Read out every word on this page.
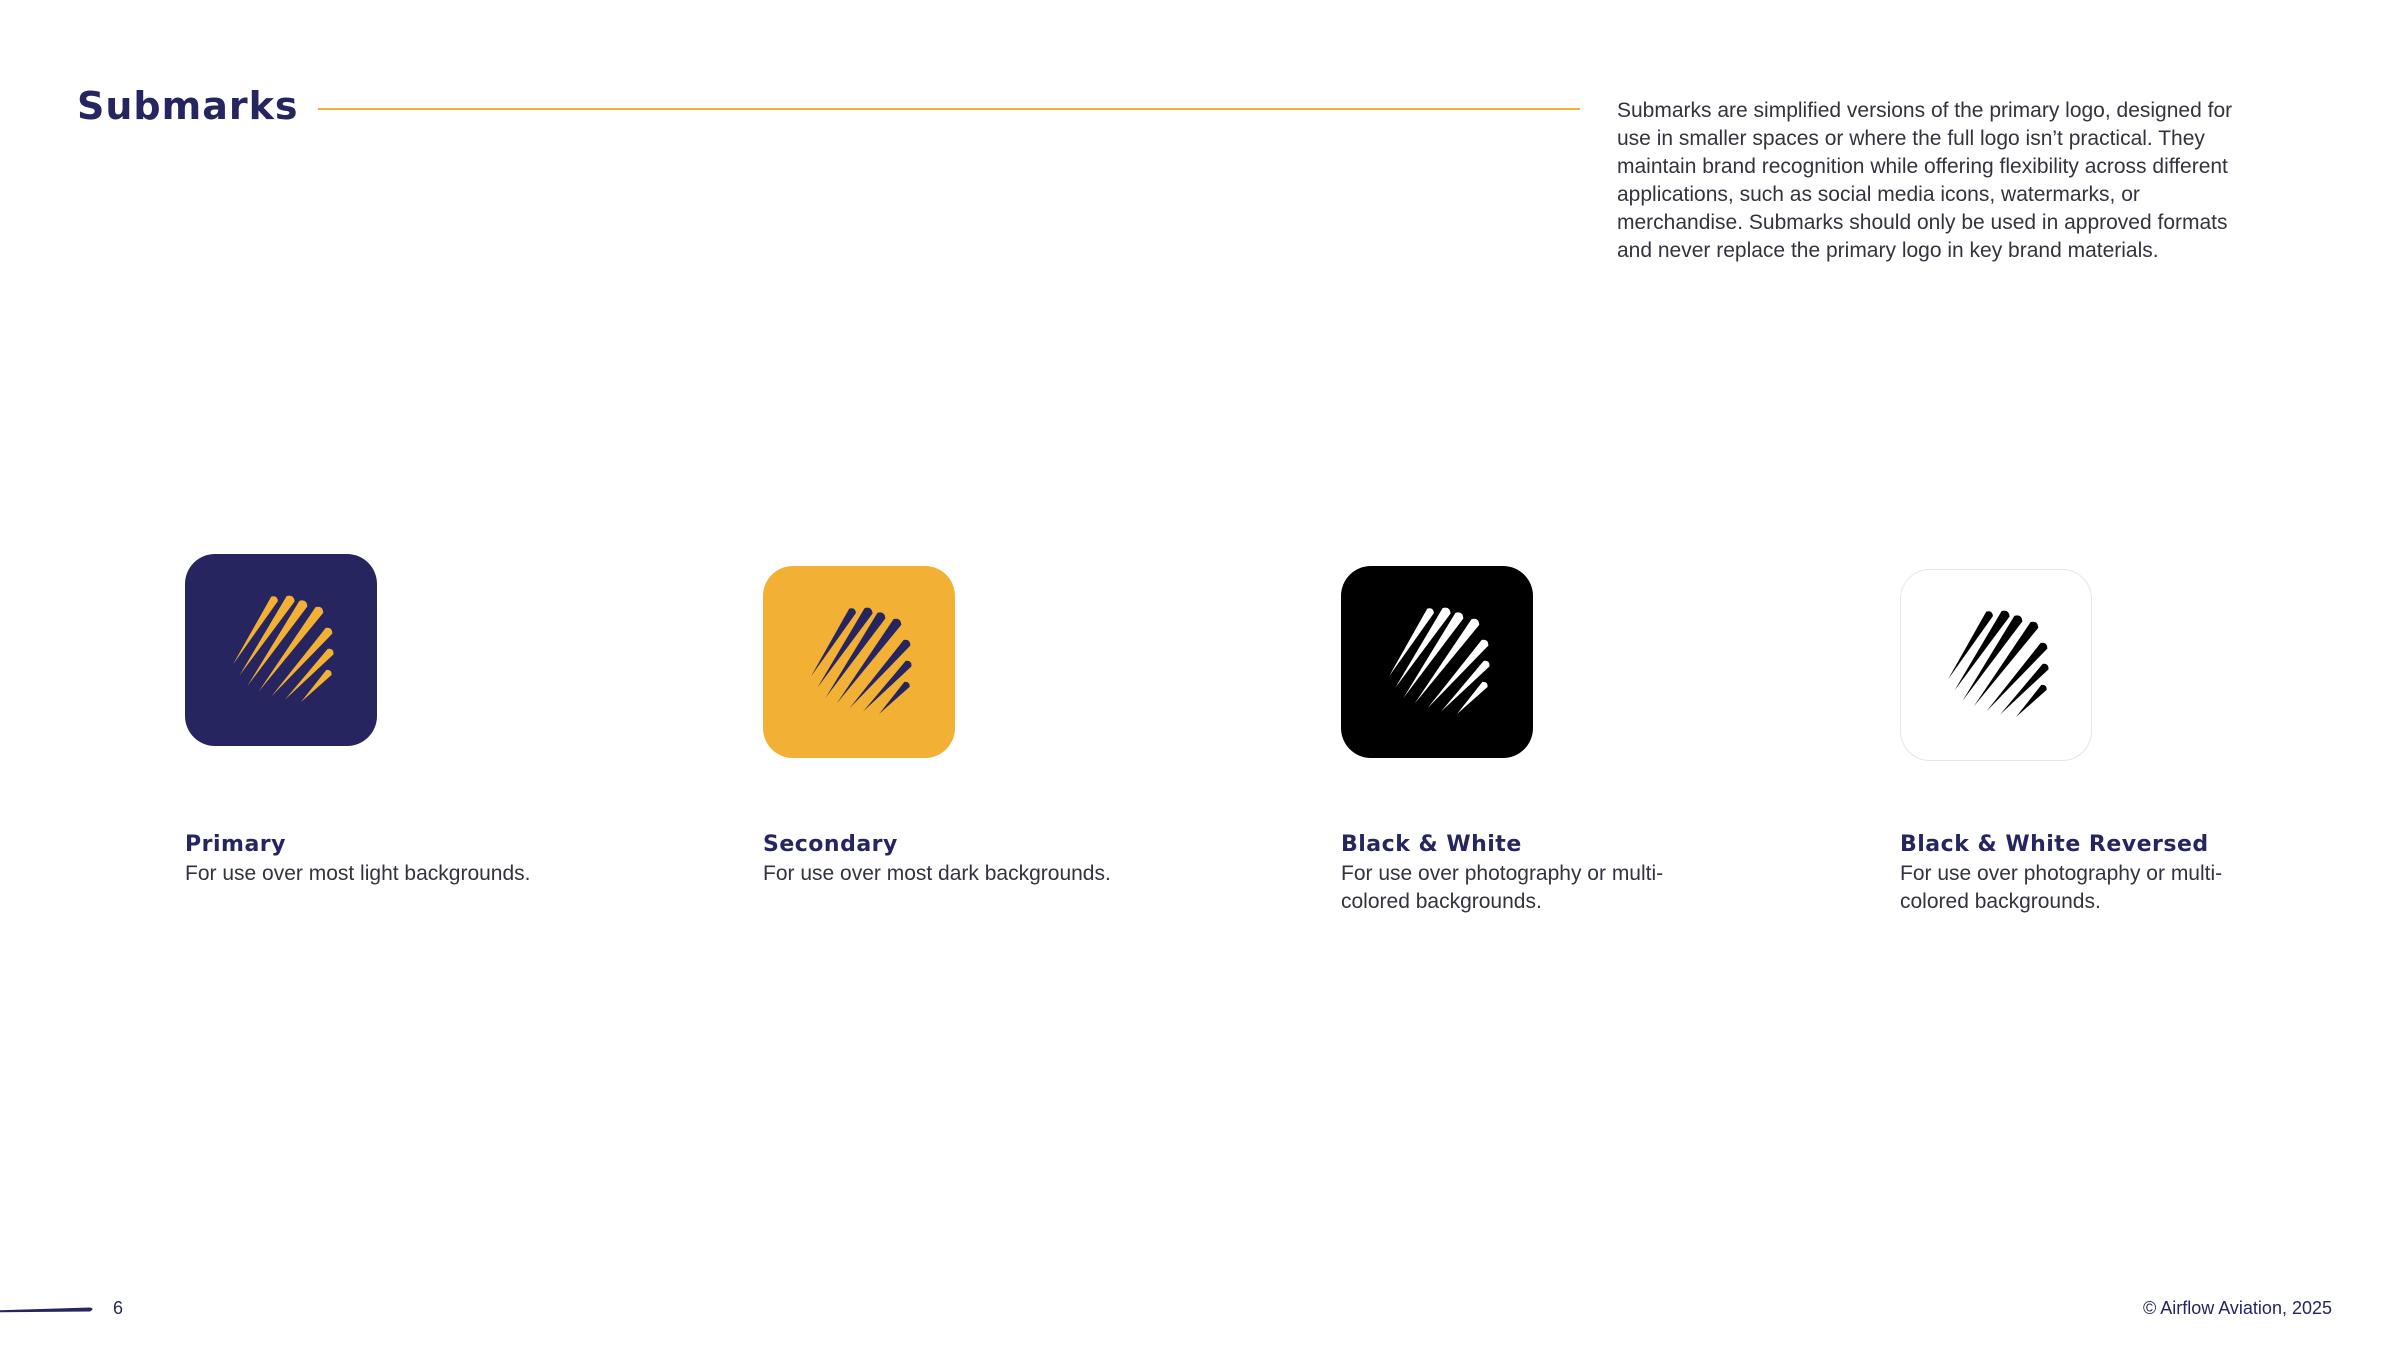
Submarks	Submarks are simplified versions of the primary logo, designed for use in smaller spaces or where the full logo isn’t practical. They maintain brand recognition while offering flexibility across different applications, such as social media icons, watermarks, or merchandise. Submarks should only be used in approved formats and never replace the primary logo in key brand materials.

Primary
For use over most light backgrounds.
Secondary
For use over most dark backgrounds.
Black & White
For use over photography or multi-colored backgrounds.
Black & White Reversed
For use over photography or multi-colored backgrounds.
6	© Airflow Aviation, 2025
